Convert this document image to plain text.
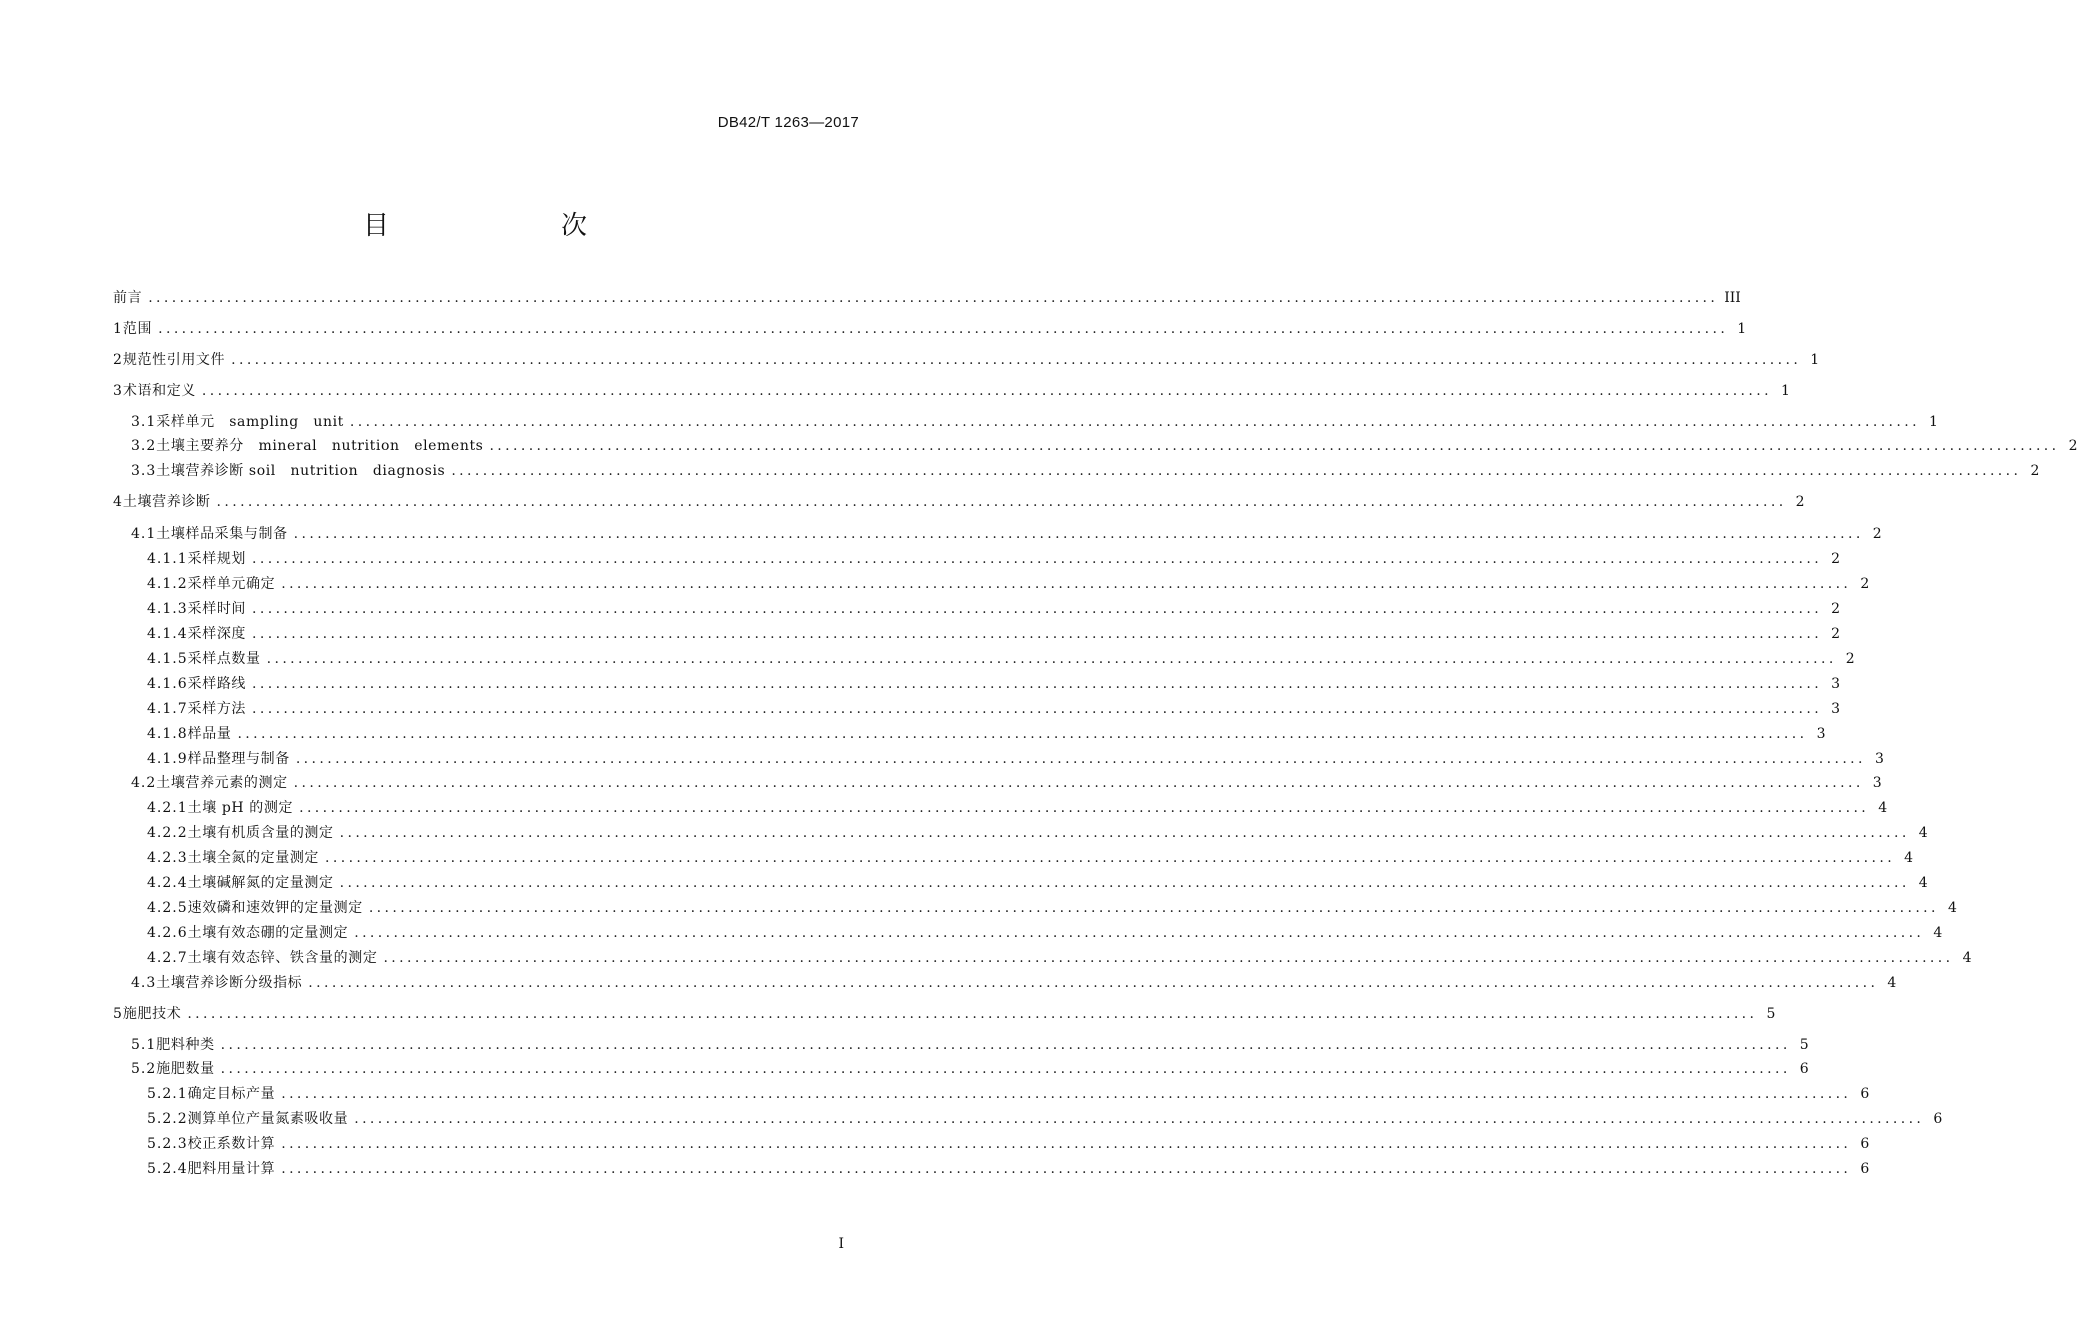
DB42/T 1263—2017
目　　次
前言 ........................................................................................................................................................................................................ III
1 范围 ........................................................................................................................................................................................................ 1
2 规范性引用文件 ........................................................................................................................................................................................................ 1
3 术语和定义 ........................................................................................................................................................................................................ 1
3.1 采样单元　sampling　unit ........................................................................................................................................................................................................ 1
3.2 土壤主要养分　mineral　nutrition　elements ........................................................................................................................................................................................................ 2
3.3 土壤营养诊断 soil　nutrition　diagnosis ........................................................................................................................................................................................................ 2
4 土壤营养诊断 ........................................................................................................................................................................................................ 2
4.1 土壤样品采集与制备 ........................................................................................................................................................................................................ 2
4.1.1 采样规划 ........................................................................................................................................................................................................ 2
4.1.2 采样单元确定 ........................................................................................................................................................................................................ 2
4.1.3 采样时间 ........................................................................................................................................................................................................ 2
4.1.4 采样深度 ........................................................................................................................................................................................................ 2
4.1.5 采样点数量 ........................................................................................................................................................................................................ 2
4.1.6 采样路线 ........................................................................................................................................................................................................ 3
4.1.7 采样方法 ........................................................................................................................................................................................................ 3
4.1.8 样品量 ........................................................................................................................................................................................................ 3
4.1.9 样品整理与制备 ........................................................................................................................................................................................................ 3
4.2 土壤营养元素的测定 ........................................................................................................................................................................................................ 3
4.2.1 土壤 pH 的测定 ........................................................................................................................................................................................................ 4
4.2.2 土壤有机质含量的测定 ........................................................................................................................................................................................................ 4
4.2.3 土壤全氮的定量测定 ........................................................................................................................................................................................................ 4
4.2.4 土壤碱解氮的定量测定 ........................................................................................................................................................................................................ 4
4.2.5 速效磷和速效钾的定量测定 ........................................................................................................................................................................................................ 4
4.2.6 土壤有效态硼的定量测定 ........................................................................................................................................................................................................ 4
4.2.7 土壤有效态锌、铁含量的测定 ........................................................................................................................................................................................................ 4
4.3 土壤营养诊断分级指标 ........................................................................................................................................................................................................ 4
5 施肥技术 ........................................................................................................................................................................................................ 5
5.1 肥料种类 ........................................................................................................................................................................................................ 5
5.2 施肥数量 ........................................................................................................................................................................................................ 6
5.2.1 确定目标产量 ........................................................................................................................................................................................................ 6
5.2.2 测算单位产量氮素吸收量 ........................................................................................................................................................................................................ 6
5.2.3 校正系数计算 ........................................................................................................................................................................................................ 6
5.2.4 肥料用量计算 ........................................................................................................................................................................................................ 6
I
